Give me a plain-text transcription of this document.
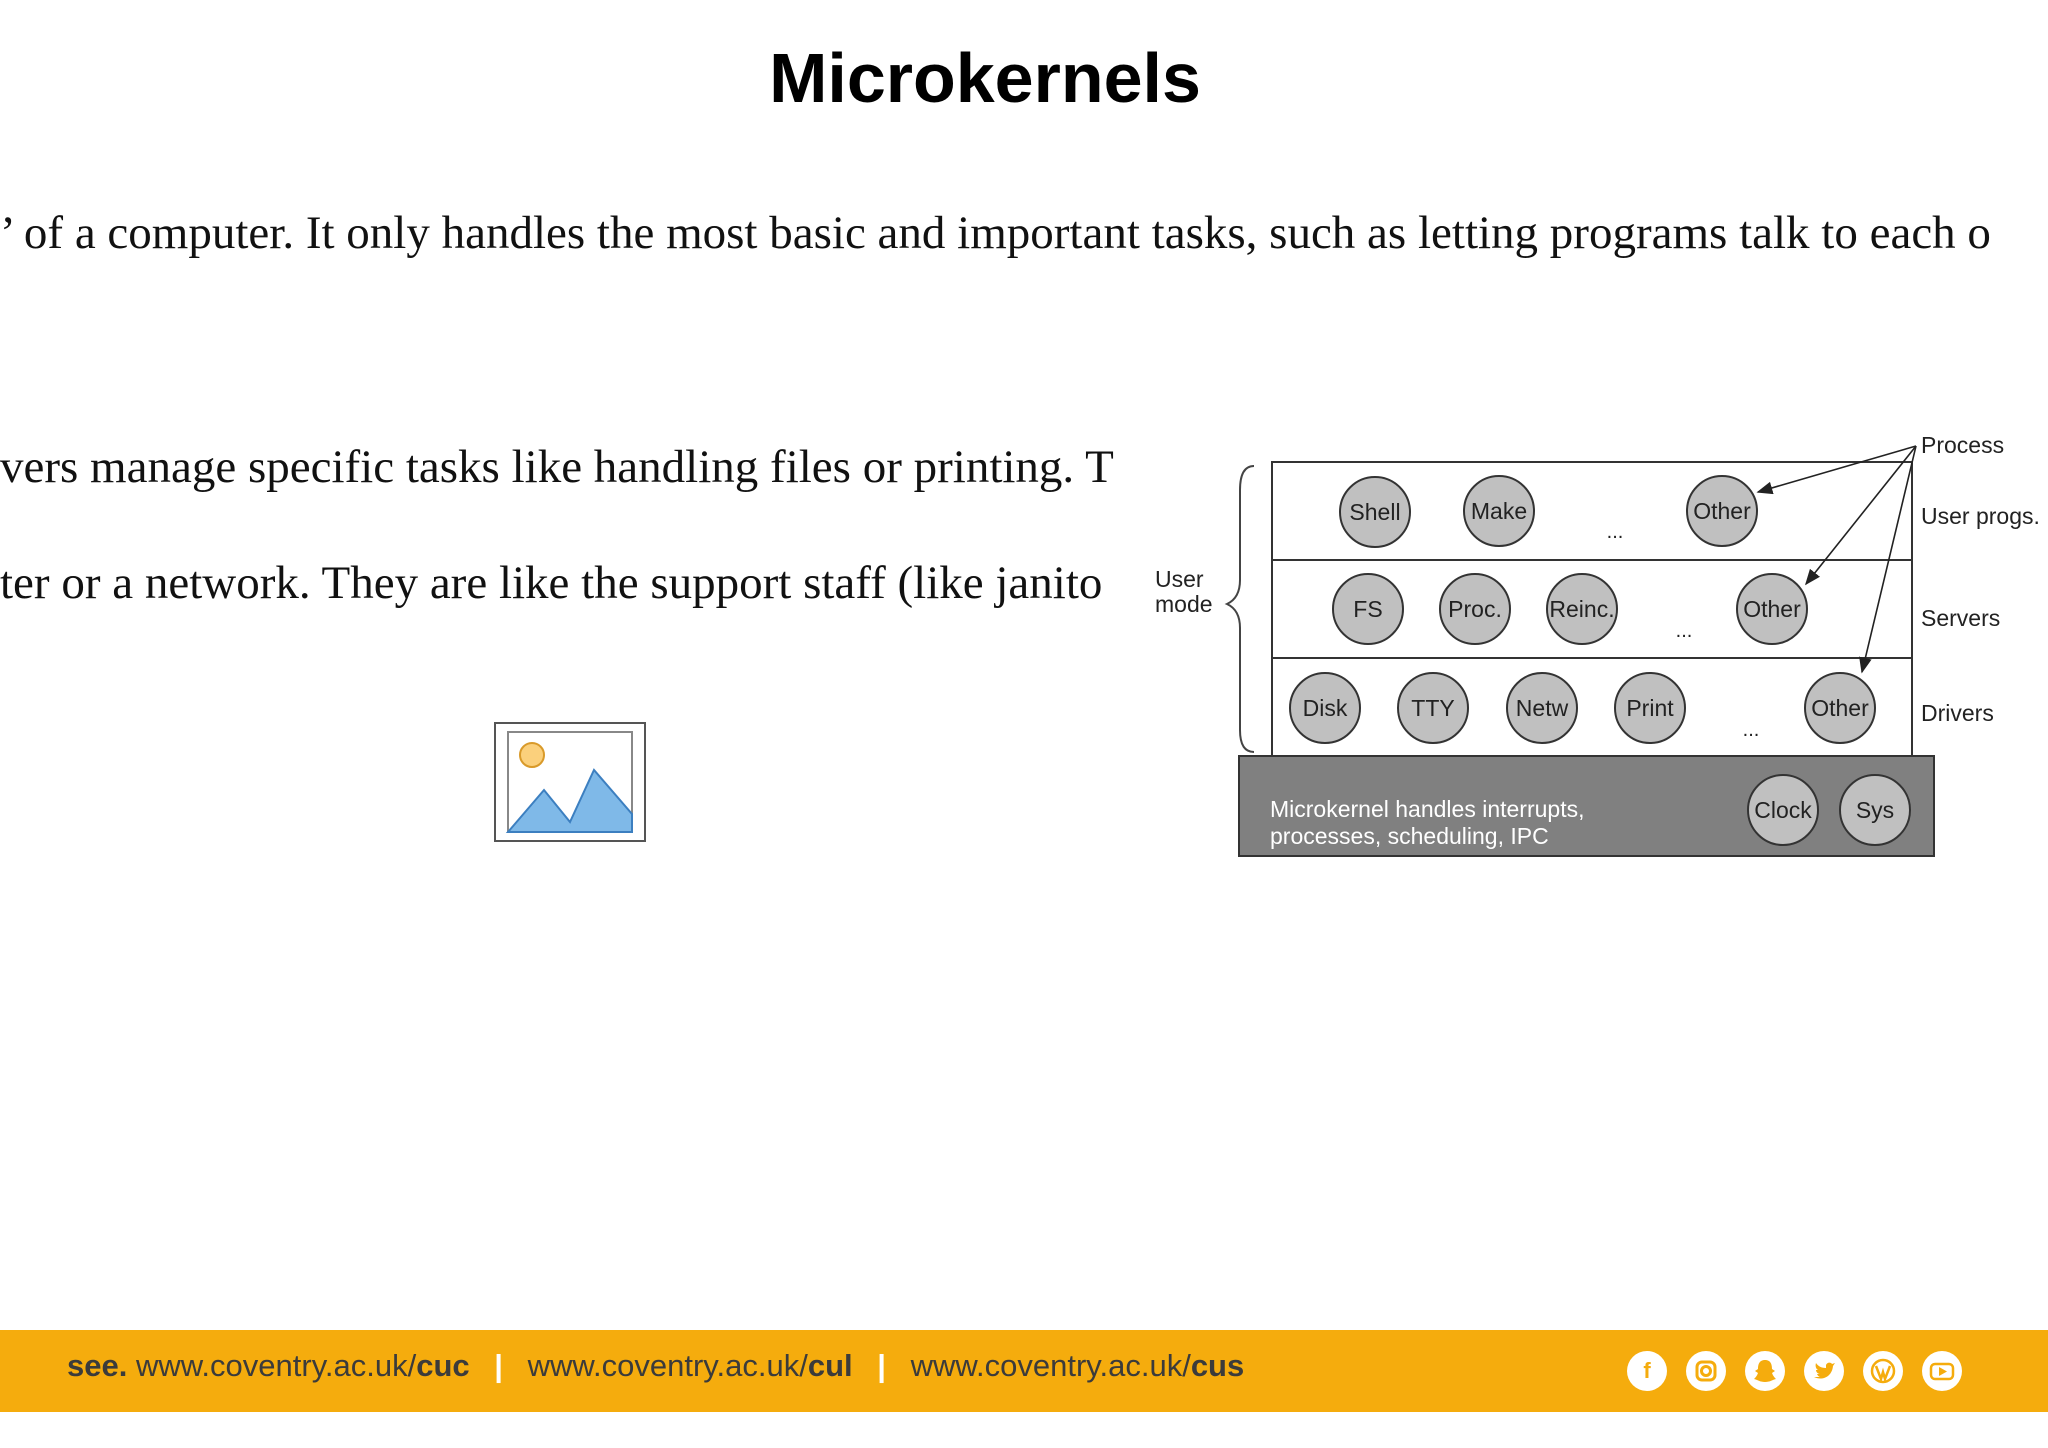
Microkernels
’ of a computer. It only handles the most basic and important tasks, such as letting programs talk to each o
vers manage specific tasks like handling files or printing. T
ter or a network. They are like the support staff (like janito	User
mode
Process
User progs.
Servers
Drivers
Shell	Make	Other
...
FS	Proc. Reinc.	Other
...
Disk	TTY	Netw	Print	Other
...
Microkernel handles interrupts,
processes, scheduling, IPC
Clock Sys
see. www.coventry.ac.uk/cuc | www.coventry.ac.uk/cul | www.coventry.ac.uk/cus	f
